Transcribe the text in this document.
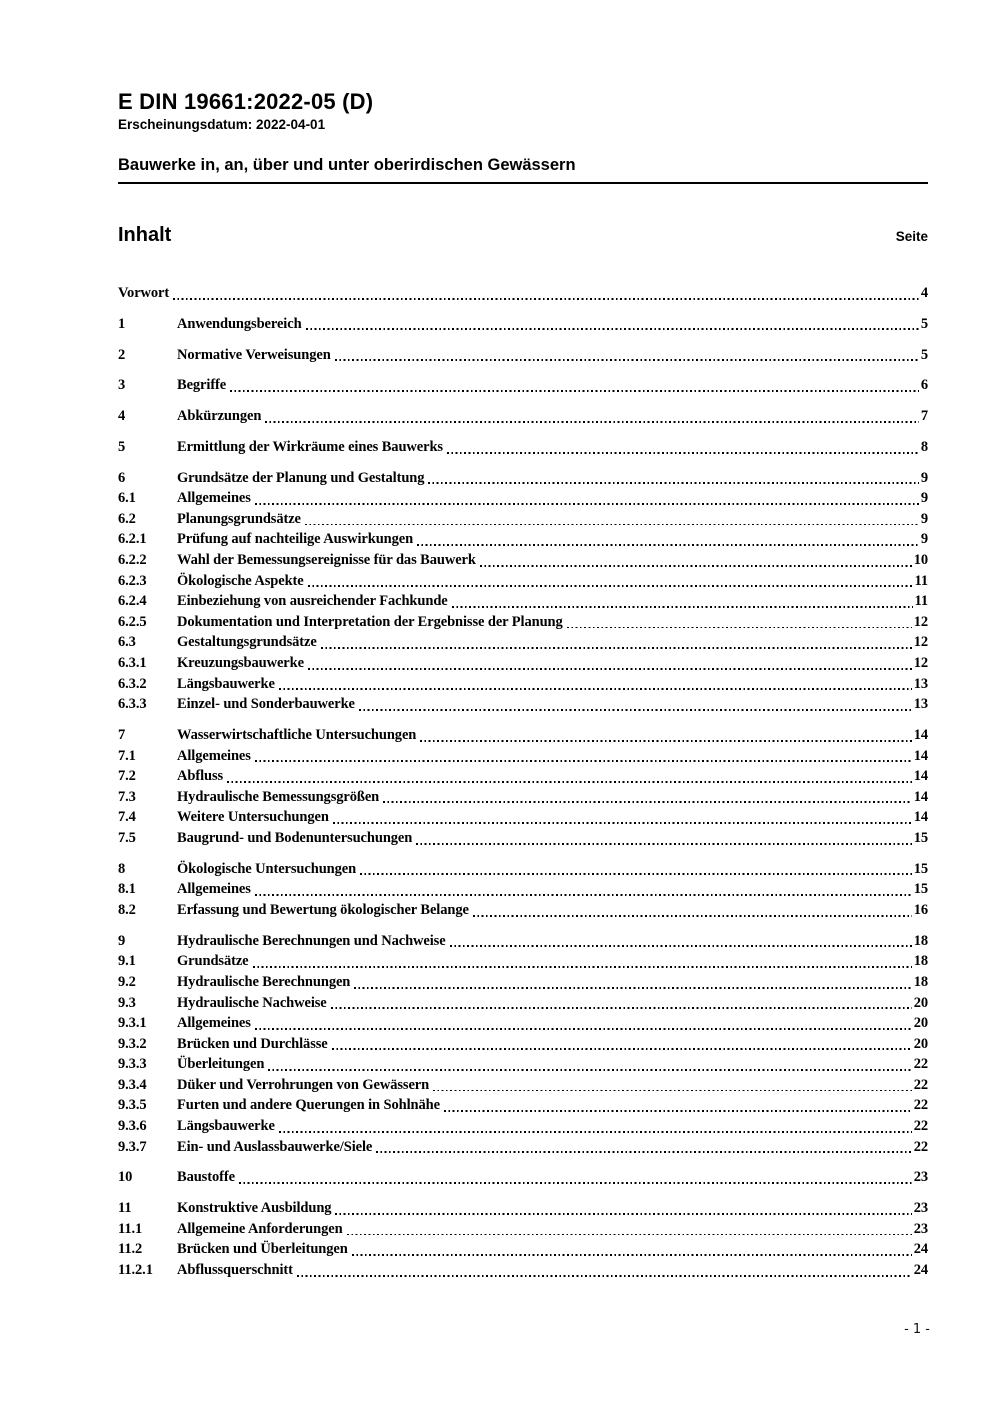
E DIN 19661:2022-05 (D)
Erscheinungsdatum: 2022-04-01
Bauwerke in, an, über und unter oberirdischen Gewässern
Inhalt	Seite
Vorwort	4
1	Anwendungsbereich	5
2	Normative Verweisungen	5
3	Begriffe	6
4	Abkürzungen	7
5	Ermittlung der Wirkräume eines Bauwerks	8
6	Grundsätze der Planung und Gestaltung	9
6.1	Allgemeines	9
6.2	Planungsgrundsätze	9
6.2.1	Prüfung auf nachteilige Auswirkungen	9
6.2.2	Wahl der Bemessungsereignisse für das Bauwerk	10
6.2.3	Ökologische Aspekte	11
6.2.4	Einbeziehung von ausreichender Fachkunde	11
6.2.5	Dokumentation und Interpretation der Ergebnisse der Planung	12
6.3	Gestaltungsgrundsätze	12
6.3.1	Kreuzungsbauwerke	12
6.3.2	Längsbauwerke	13
6.3.3	Einzel- und Sonderbauwerke	13
7	Wasserwirtschaftliche Untersuchungen	14
7.1	Allgemeines	14
7.2	Abfluss	14
7.3	Hydraulische Bemessungsgrößen	14
7.4	Weitere Untersuchungen	14
7.5	Baugrund- und Bodenuntersuchungen	15
8	Ökologische Untersuchungen	15
8.1	Allgemeines	15
8.2	Erfassung und Bewertung ökologischer Belange	16
9	Hydraulische Berechnungen und Nachweise	18
9.1	Grundsätze	18
9.2	Hydraulische Berechnungen	18
9.3	Hydraulische Nachweise	20
9.3.1	Allgemeines	20
9.3.2	Brücken und Durchlässe	20
9.3.3	Überleitungen	22
9.3.4	Düker und Verrohrungen von Gewässern	22
9.3.5	Furten und andere Querungen in Sohlnähe	22
9.3.6	Längsbauwerke	22
9.3.7	Ein- und Auslassbauwerke/Siele	22
10	Baustoffe	23
11	Konstruktive Ausbildung	23
11.1	Allgemeine Anforderungen	23
11.2	Brücken und Überleitungen	24
11.2.1	Abflussquerschnitt	24
- 1 -
